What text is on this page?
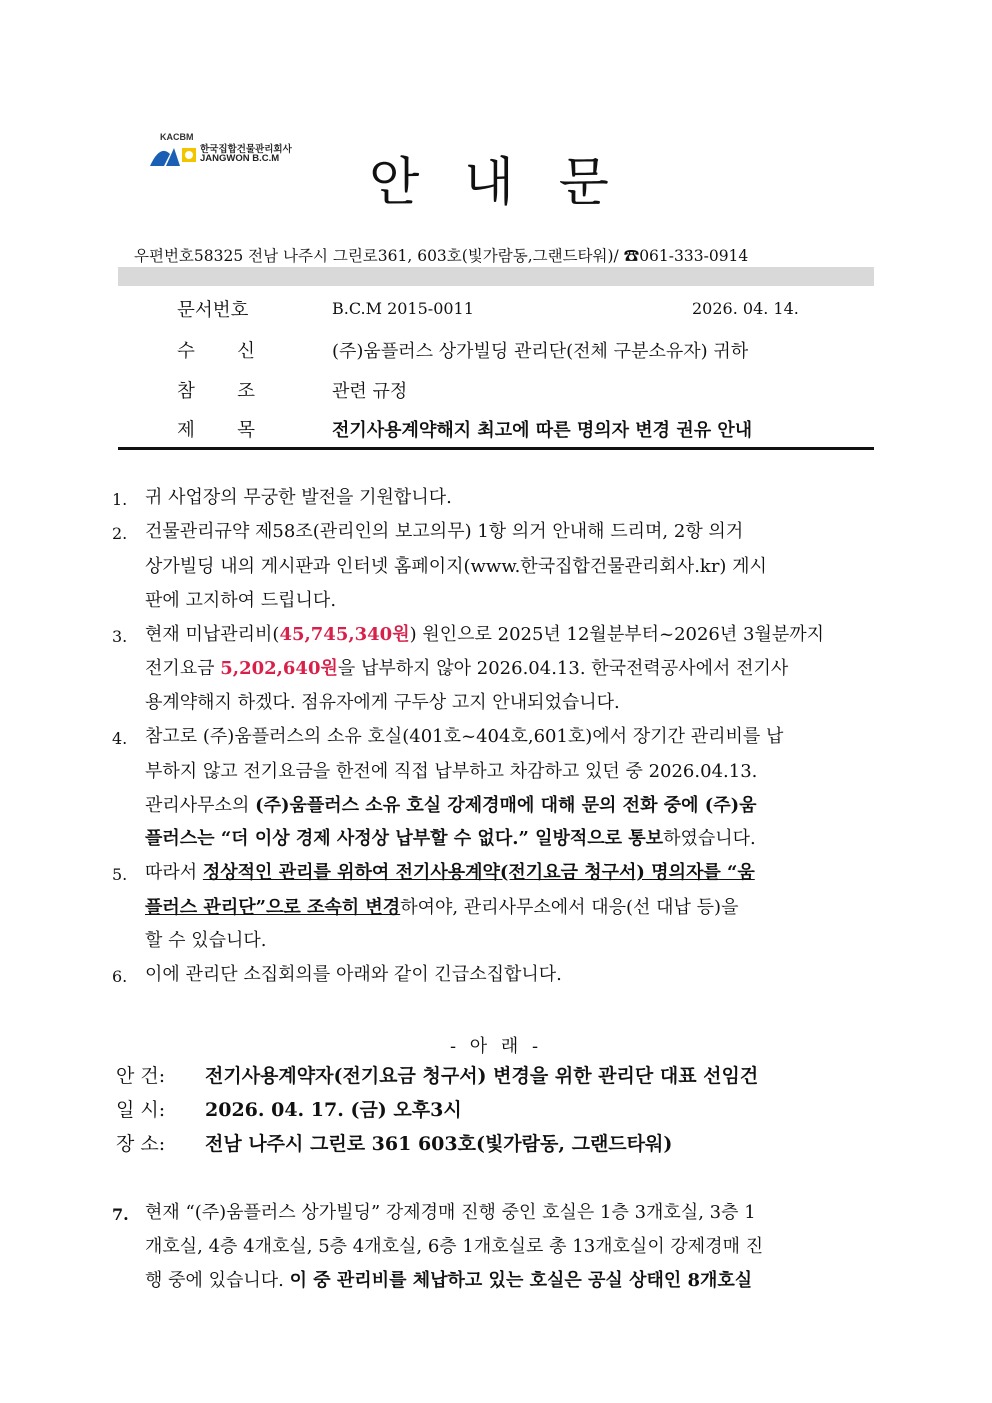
KACBM
한국집합건물관리회사
JANGWON B.C.M	안 내 문
우편번호58325 전남 나주시 그린로361, 603호(빛가람동,그랜드타워)/ ☎061-333-0914
문서번호	B.C.M 2015-0011	2026. 04. 14.
수 신	(주)움플러스 상가빌딩 관리단(전체 구분소유자) 귀하
참 조	관련 규정
제 목	전기사용계약해지 최고에 따른 명의자 변경 권유 안내
1. 귀 사업장의 무궁한 발전을 기원합니다.
2. 건물관리규약 제58조(관리인의 보고의무) 1항 의거 안내해 드리며, 2항 의거
상가빌딩 내의 게시판과 인터넷 홈페이지(www.한국집합건물관리회사.kr) 게시
판에 고지하여 드립니다.
3. 현재 미납관리비(45,745,340원) 원인으로 2025년 12월분부터~2026년 3월분까지
전기요금 5,202,640원을 납부하지 않아 2026.04.13. 한국전력공사에서 전기사
용계약해지 하겠다. 점유자에게 구두상 고지 안내되었습니다.
4. 참고로 (주)움플러스의 소유 호실(401호~404호,601호)에서 장기간 관리비를 납
부하지 않고 전기요금을 한전에 직접 납부하고 차감하고 있던 중 2026.04.13.
관리사무소의 (주)움플러스 소유 호실 강제경매에 대해 문의 전화 중에 (주)움
플러스는 “더 이상 경제 사정상 납부할 수 없다.” 일방적으로 통보하였습니다.
5. 따라서 정상적인 관리를 위하여 전기사용계약(전기요금 청구서) 명의자를 “움
플러스 관리단”으로 조속히 변경하여야, 관리사무소에서 대응(선 대납 등)을
할 수 있습니다.
6. 이에 관리단 소집회의를 아래와 같이 긴급소집합니다.
- 아 래 -
안 건: 전기사용계약자(전기요금 청구서) 변경을 위한 관리단 대표 선임건
일 시: 2026. 04. 17. (금) 오후3시
장 소: 전남 나주시 그린로 361 603호(빛가람동, 그랜드타워)
7. 현재 “(주)움플러스 상가빌딩” 강제경매 진행 중인 호실은 1층 3개호실, 3층 1
개호실, 4층 4개호실, 5층 4개호실, 6층 1개호실로 총 13개호실이 강제경매 진
행 중에 있습니다. 이 중 관리비를 체납하고 있는 호실은 공실 상태인 8개호실
